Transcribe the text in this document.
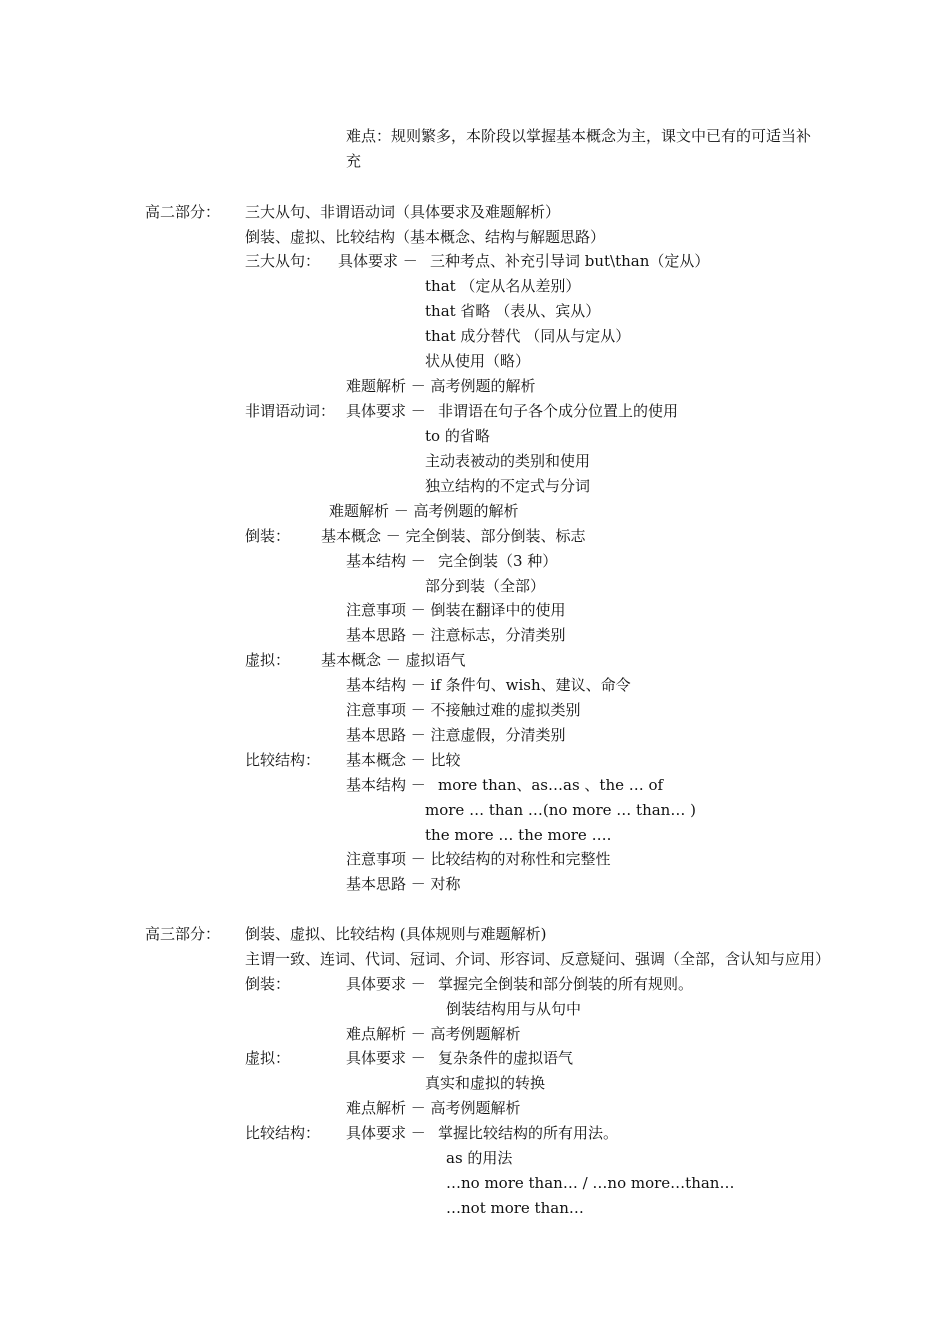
难点：规则繁多，本阶段以掌握基本概念为主，课文中已有的可适当补
充
高二部分： 三大从句、非谓语动词（具体要求及难题解析）
倒装、虚拟、比较结构（基本概念、结构与解题思路）
三大从句： 具体要求 － 三种考点、补充引导词 but\than（定从）
that （定从名从差别）
that 省略 （表从、宾从）
that 成分替代 （同从与定从）
状从使用（略）
难题解析 － 高考例题的解析
非谓语动词： 具体要求 － 非谓语在句子各个成分位置上的使用
to 的省略
主动表被动的类别和使用
独立结构的不定式与分词
难题解析 － 高考例题的解析
倒装： 基本概念 － 完全倒装、部分倒装、标志
基本结构 － 完全倒装（3 种）
部分到装（全部）
注意事项 － 倒装在翻译中的使用
基本思路 － 注意标志，分清类别
虚拟： 基本概念 － 虚拟语气
基本结构 － if 条件句、wish、建议、命令
注意事项 － 不接触过难的虚拟类别
基本思路 － 注意虚假，分清类别
比较结构： 基本概念 － 比较
基本结构 － more than、as…as 、the … of
more … than …(no more … than… )
the more … the more ….
注意事项 － 比较结构的对称性和完整性
基本思路 － 对称
高三部分： 倒装、虚拟、比较结构 (具体规则与难题解析)
主谓一致、连词、代词、冠词、介词、形容词、反意疑问、强调（全部，含认知与应用）
倒装：	具体要求 － 掌握完全倒装和部分倒装的所有规则。
倒装结构用与从句中
难点解析 － 高考例题解析
虚拟：	具体要求 － 复杂条件的虚拟语气
真实和虚拟的转换
难点解析 － 高考例题解析
比较结构： 具体要求 － 掌握比较结构的所有用法。
as 的用法
…no more than… / …no more…than…
…not more than…
